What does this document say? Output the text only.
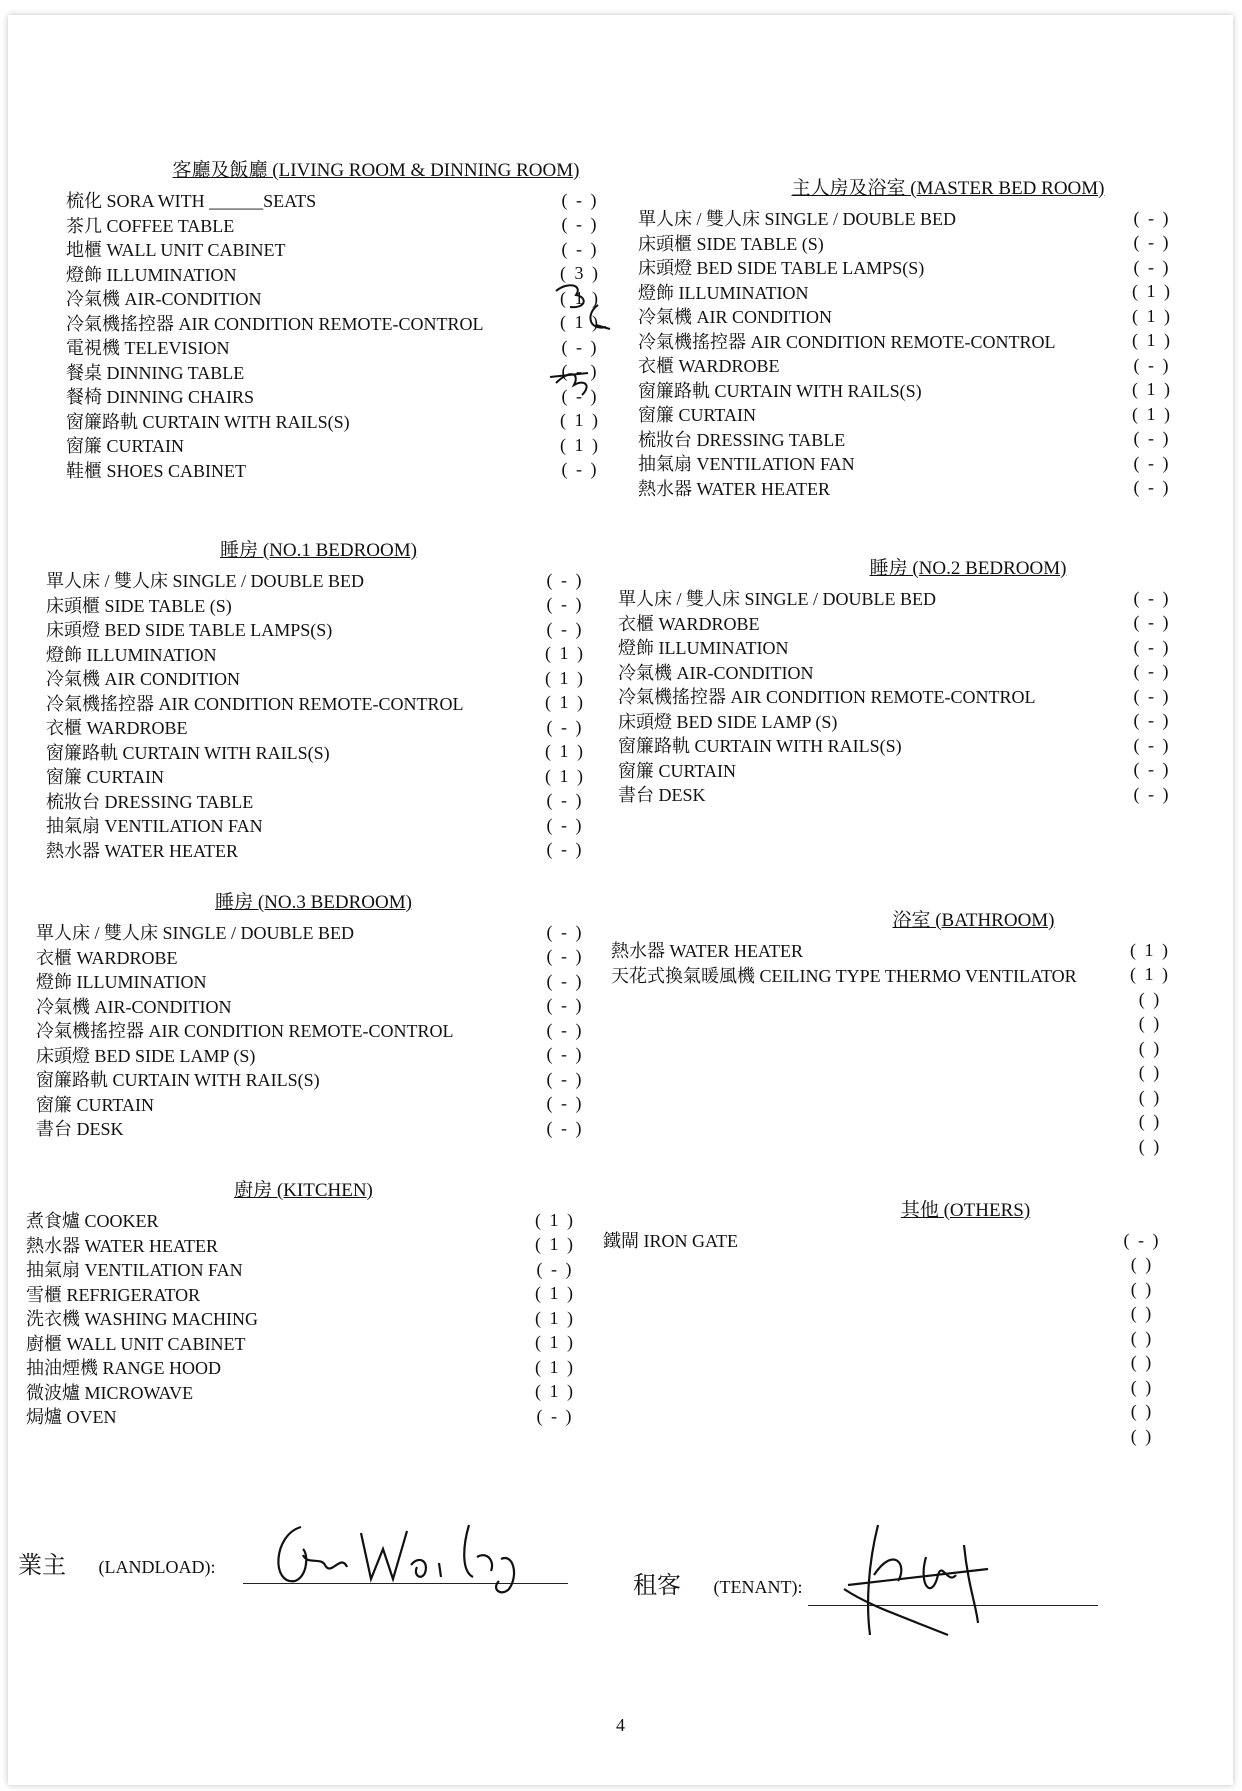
客廳及飯廳 (LIVING ROOM & DINNING ROOM)
梳化 SORA WITH ______SEATS	( - )
茶几 COFFEE TABLE	( - )
地櫃 WALL UNIT CABINET	( - )
燈飾 ILLUMINATION	( 3 )
冷氣機 AIR-CONDITION	( 1 )
冷氣機搖控器 AIR CONDITION REMOTE-CONTROL	( 1 )
電視機 TELEVISION	( - )
餐桌 DINNING TABLE	( - )
餐椅 DINNING CHAIRS	( - )
窗簾路軌 CURTAIN WITH RAILS(S)	( 1 )
窗簾 CURTAIN	( 1 )
鞋櫃 SHOES CABINET	( - )
主人房及浴室 (MASTER BED ROOM)
單人床 / 雙人床 SINGLE / DOUBLE BED	( - )
床頭櫃 SIDE TABLE (S)	( - )
床頭燈 BED SIDE TABLE LAMPS(S)	( - )
燈飾 ILLUMINATION	( 1 )
冷氣機 AIR CONDITION	( 1 )
冷氣機搖控器 AIR CONDITION REMOTE-CONTROL	( 1 )
衣櫃 WARDROBE	( - )
窗簾路軌 CURTAIN WITH RAILS(S)	( 1 )
窗簾 CURTAIN	( 1 )
梳妝台 DRESSING TABLE	( - )
抽氣扇 VENTILATION FAN	( - )
熱水器 WATER HEATER	( - )
睡房 (NO.1 BEDROOM)
單人床 / 雙人床 SINGLE / DOUBLE BED	( - )
床頭櫃 SIDE TABLE (S)	( - )
床頭燈 BED SIDE TABLE LAMPS(S)	( - )
燈飾 ILLUMINATION	( 1 )
冷氣機 AIR CONDITION	( 1 )
冷氣機搖控器 AIR CONDITION REMOTE-CONTROL	( 1 )
衣櫃 WARDROBE	( - )
窗簾路軌 CURTAIN WITH RAILS(S)	( 1 )
窗簾 CURTAIN	( 1 )
梳妝台 DRESSING TABLE	( - )
抽氣扇 VENTILATION FAN	( - )
熱水器 WATER HEATER	( - )
睡房 (NO.2 BEDROOM)
單人床 / 雙人床 SINGLE / DOUBLE BED	( - )
衣櫃 WARDROBE	( - )
燈飾 ILLUMINATION	( - )
冷氣機 AIR-CONDITION	( - )
冷氣機搖控器 AIR CONDITION REMOTE-CONTROL	( - )
床頭燈 BED SIDE LAMP (S)	( - )
窗簾路軌 CURTAIN WITH RAILS(S)	( - )
窗簾 CURTAIN	( - )
書台 DESK	( - )
睡房 (NO.3 BEDROOM)
單人床 / 雙人床 SINGLE / DOUBLE BED	( - )
衣櫃 WARDROBE	( - )
燈飾 ILLUMINATION	( - )
冷氣機 AIR-CONDITION	( - )
冷氣機搖控器 AIR CONDITION REMOTE-CONTROL	( - )
床頭燈 BED SIDE LAMP (S)	( - )
窗簾路軌 CURTAIN WITH RAILS(S)	( - )
窗簾 CURTAIN	( - )
書台 DESK	( - )
浴室 (BATHROOM)
熱水器 WATER HEATER	( 1 )
天花式換氣暖風機 CEILING TYPE THERMO VENTILATOR	( 1 )
( )
( )
( )
( )
( )
( )
( )
廚房 (KITCHEN)
煮食爐 COOKER	( 1 )
熱水器 WATER HEATER	( 1 )
抽氣扇 VENTILATION FAN	( - )
雪櫃 REFRIGERATOR	( 1 )
洗衣機 WASHING MACHING	( 1 )
廚櫃 WALL UNIT CABINET	( 1 )
抽油煙機 RANGE HOOD	( 1 )
微波爐 MICROWAVE	( 1 )
焗爐 OVEN	( - )
其他 (OTHERS)
鐵閘 IRON GATE	( - )
( )
( )
( )
( )
( )
( )
( )
( )
業主 (LANDLOAD):
租客 (TENANT):
4
